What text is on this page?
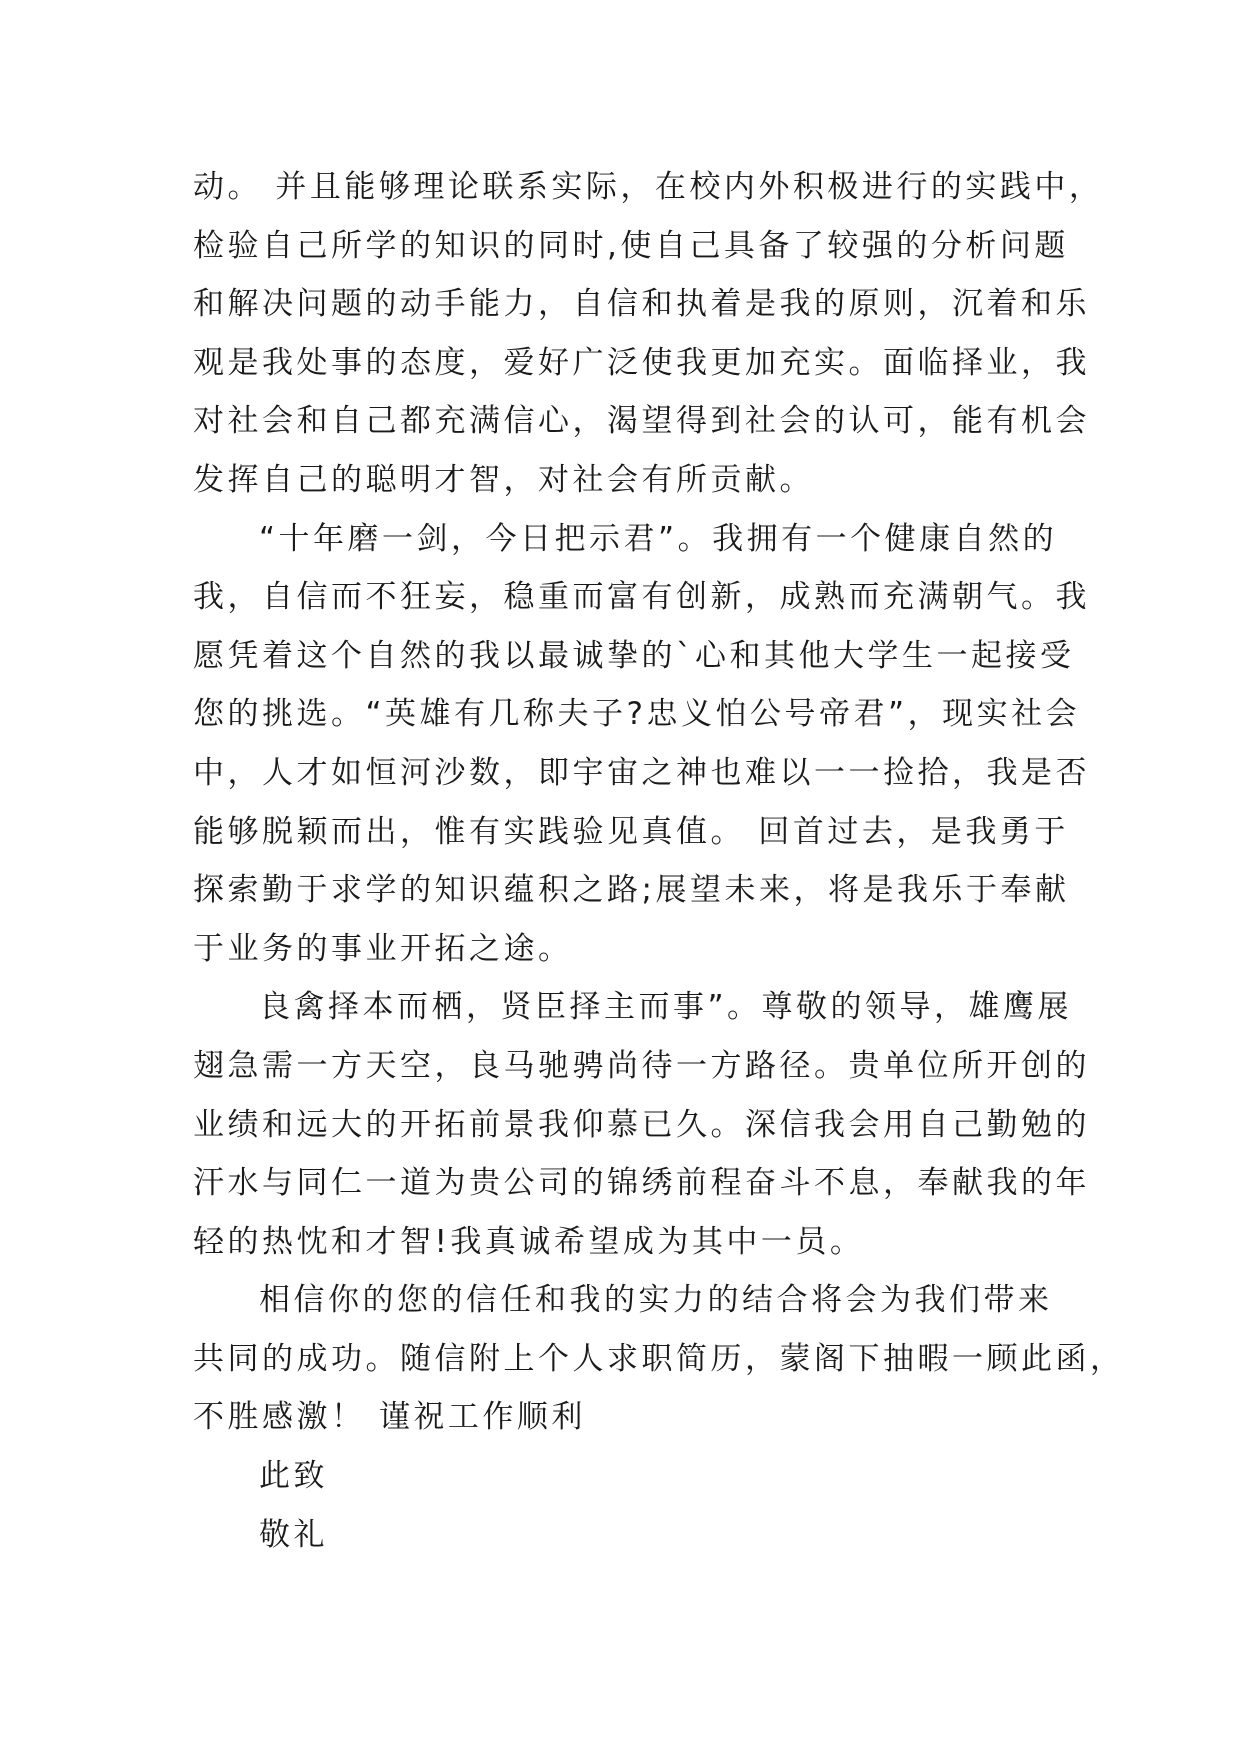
动。 并且能够理论联系实际，在校内外积极进行的实践中，
检验自己所学的知识的同时,使自己具备了较强的分析问题
和解决问题的动手能力，自信和执着是我的原则，沉着和乐
观是我处事的态度，爱好广泛使我更加充实。面临择业，我
对社会和自己都充满信心，渴望得到社会的认可，能有机会
发挥自己的聪明才智，对社会有所贡献。
“十年磨一剑，今日把示君”。我拥有一个健康自然的
我，自信而不狂妄，稳重而富有创新，成熟而充满朝气。我
愿凭着这个自然的我以最诚挚的`心和其他大学生一起接受
您的挑选。“英雄有几称夫子?忠义怕公号帝君”，现实社会
中，人才如恒河沙数，即宇宙之神也难以一一捡拾，我是否
能够脱颖而出，惟有实践验见真值。 回首过去，是我勇于
探索勤于求学的知识蕴积之路;展望未来，将是我乐于奉献
于业务的事业开拓之途。
良禽择本而栖，贤臣择主而事”。尊敬的领导，雄鹰展
翅急需一方天空，良马驰骋尚待一方路径。贵单位所开创的
业绩和远大的开拓前景我仰慕已久。深信我会用自己勤勉的
汗水与同仁一道为贵公司的锦绣前程奋斗不息，奉献我的年
轻的热忱和才智!我真诚希望成为其中一员。
相信你的您的信任和我的实力的结合将会为我们带来
共同的成功。随信附上个人求职简历，蒙阁下抽暇一顾此函，
不胜感激！ 谨祝工作顺利
此致
敬礼
